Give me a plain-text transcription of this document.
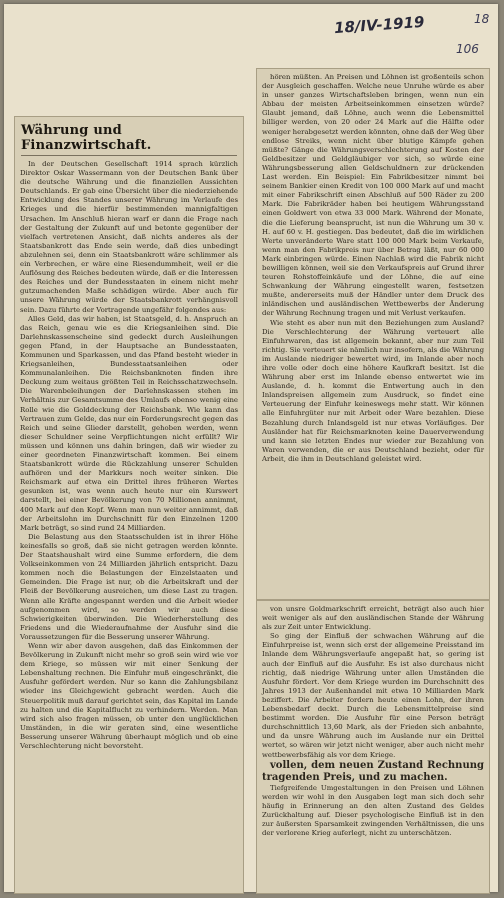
18/IV-1919	18
106
Währung und Finanzwirtschaft.

In der Deutschen Gesellschaft 1914 sprach kürzlich Direktor Oskar Wassermann von der Deutschen Bank über die deutsche Währung und die finanziellen Aussichten Deutschlands. Er gab eine Übersicht über die niederziehende Entwicklung des Standes unserer Währung im Verlaufe des Krieges und die hierfür bestimmenden mannigfaltigen Ursachen. Im Anschluß hieran warf er dann die Frage nach der Gestaltung der Zukunft auf und betonte gegenüber der vielfach vertretenen Ansicht, daß nichts anderes als der Staatsbankrott das Ende sein werde, daß dies unbedingt abzulehnen sei, denn ein Staatsbankrott wäre schlimmer als ein Verbrechen, er wäre eine Riesendummheit, weil er die Auflösung des Reiches bedeuten würde, daß er die Interessen des Reiches und der Bundesstaaten in einem nicht mehr gutzumachenden Maße schädigen würde. Aber auch für unsere Währung würde der Staatsbankrott verhängnisvoll sein. Dazu führte der Vortragende ungefähr folgendes aus:

Alles Geld, das wir haben, ist Staatsgeld, d. h. Anspruch an das Reich, genau wie es die Kriegsanleihen sind. Die Darlehnskassenscheine sind gedeckt durch Ausleihungen gegen Pfand, in der Hauptsache an Bundesstaaten, Kommunen und Sparkassen, und das Pfand besteht wieder in Kriegsanleihen, Bundesstaatsanleihen oder Kommunalanleihen. Die Reichsbanknoten finden ihre Deckung zum weitaus größten Teil in Reichsschatzwechseln. Die Warenbeleihungen der Darlehnskassen stehen im Verhältnis zur Gesamtsumme des Umlaufs ebenso wenig eine Rolle wie die Golddeckung der Reichsbank. Wie kann das Vertrauen zum Gelde, das nur ein Forderungsrecht gegen das Reich und seine Glieder darstellt, gehoben werden, wenn dieser Schuldner seine Verpflichtungen nicht erfüllt? Wir müssen und können uns dahin bringen, daß wir wieder zu einer geordneten Finanzwirtschaft kommen. Bei einem Staatsbankrott würde die Rückzahlung unserer Schulden aufhören und der Markkurs noch weiter sinken. Die Reichsmark auf etwa ein Drittel ihres früheren Wertes gesunken ist, was wenn auch heute nur ein Kurswert darstellt, bei einer Bevölkerung von 70 Millionen annimmt, 400 Mark auf den Kopf. Wenn man nun weiter annimmt, daß der Arbeitslohn im Durchschnitt für den Einzelnen 1200 Mark beträgt, so sind rund 24 Milliarden.

Die Belastung aus den Staatsschulden ist in ihrer Höhe keinesfalls so groß, daß sie nicht getragen werden könnte. Der Staatshaushalt wird eine Summe erfordern, die dem Volkseinkommen von 24 Milliarden jährlich entspricht. Dazu kommen noch die Belastungen der Einzelstaaten und Gemeinden. Die Frage ist nur, ob die Arbeitskraft und der Fleiß der Bevölkerung ausreichen, um diese Last zu tragen. Wenn alle Kräfte angespannt werden und die Arbeit wieder aufgenommen wird, so werden wir auch diese Schwierigkeiten überwinden. Die Wiederherstellung des Friedens und die Wiederaufnahme der Ausfuhr sind die Voraussetzungen für die Besserung unserer Währung.

Wenn wir aber davon ausgehen, daß das Einkommen der Bevölkerung in Zukunft nicht mehr so groß sein wird wie vor dem Kriege, so müssen wir mit einer Senkung der Lebenshaltung rechnen. Die Einfuhr muß eingeschränkt, die Ausfuhr gefördert werden. Nur so kann die Zahlungsbilanz wieder ins Gleichgewicht gebracht werden. Auch die Steuerpolitik muß darauf gerichtet sein, das Kapital im Lande zu halten und die Kapitalflucht zu verhindern. Werden. Man wird sich also fragen müssen, ob unter den unglücklichen Umständen, in die wir geraten sind, eine wesentliche Besserung unserer Währung überhaupt möglich und ob eine Verschlechterung nicht bevorsteht.

hören müßten. An Preisen und Löhnen ist großenteils schon der Ausgleich geschaffen. Welche neue Unruhe würde es aber in unser ganzes Wirtschaftsleben bringen, wenn nun ein Abbau der meisten Arbeitseinkommen einsetzen würde? Glaubt jemand, daß Löhne, auch wenn die Lebensmittel billiger werden, von 20 oder 24 Mark auf die Hälfte oder weniger herabgesetzt werden könnten, ohne daß der Weg über endlose Streiks, wenn nicht über blutige Kämpfe gehen müßte? Gänge die Währungsverschlechterung auf Kosten der Geldbesitzer und Geldgläubiger vor sich, so würde eine Währungsbesserung allen Geldschuldnern zur drückenden Last werden. Ein Beispiel: Ein Fabrikbesitzer nimmt bei seinem Bankier einen Kredit von 100 000 Mark auf und macht mit einer Fabrikschrift einen Abschluß auf 500 Räder zu 200 Mark. Die Fabrikräder haben bei heutigem Währungsstand einen Goldwert von etwa 33 000 Mark. Während der Monate, die die Lieferung beansprucht, ist nun die Währung um 30 v. H. auf 60 v. H. gestiegen. Das bedeutet, daß die im wirklichen Werte unveränderte Ware statt 100 000 Mark beim Verkaufe, wenn man den Fabrikpreis nur über Betrag läßt, nur 60 000 Mark einbringen würde. Einen Nachlaß wird die Fabrik nicht bewilligen können, weil sie den Verkaufspreis auf Grund ihrer teuren Rohstoffeinkäufe und der Löhne, die auf eine Schwankung der Währung eingestellt waren, festsetzen mußte, andererseits muß der Händler unter dem Druck des inländischen und ausländischen Wettbewerbs der Änderung der Währung Rechnung tragen und mit Verlust verkaufen.

Wie steht es aber nun mit den Beziehungen zum Ausland? Die Verschlechterung der Währung verteuert alle Einfuhrwaren, das ist allgemein bekannt, aber nur zum Teil richtig. Sie verteuert sie nämlich nur insofern, als die Währung im Auslande niedriger bewertet wird, im Inlande aber noch ihre volle oder doch eine höhere Kaufkraft besitzt. Ist die Währung aber erst im Inlande ebenso entwertet wie im Auslande, d. h. kommt die Entwertung auch in den Inlandspreisen allgemein zum Ausdruck, so findet eine Verteuerung der Einfuhr keineswegs mehr statt. Wir können alle Einfuhrgüter nur mit Arbeit oder Ware bezahlen. Diese Bezahlung durch Inlandsgeld ist nur etwas Vorläufiges. Der Ausländer hat für Reichsmarknoten keine Dauerverwendung und kann sie letzten Endes nur wieder zur Bezahlung von Waren verwenden, die er aus Deutschland bezieht, oder für Arbeit, die ihm in Deutschland geleistet wird.

von unsre Goldmarkschrift erreicht, beträgt also auch hier weit weniger als auf den ausländischen Stande der Währung als zur Zeit unter Entwicklung.

So ging der Einfluß der schwachen Währung auf die Einfuhrpreise ist, wenn sich erst der allgemeine Preisstand im Inlande dem Währungsverlaufe angepaßt hat, so gering ist auch der Einfluß auf die Ausfuhr. Es ist also durchaus nicht richtig, daß niedrige Währung unter allen Umständen die Ausfuhr fördert. Vor dem Kriege wurden im Durchschnitt des Jahres 1913 der Außenhandel mit etwa 10 Milliarden Mark beziffert. Die Arbeiter fordern heute einen Lohn, der ihren Lebensbedarf deckt. Durch die Lebensmittelpreise sind bestimmt worden. Die Ausfuhr für eine Person beträgt durchschnittlich 13,60 Mark, als der Frieden sich anbahnte, und da unsre Währung auch im Auslande nur ein Drittel wertet, so wären wir jetzt nicht weniger, aber auch nicht mehr wettbewerbsfähig als vor dem Kriege.

vollen, dem neuen Zustand Rechnung tragenden Preis, und zu machen.

Tiefgreifende Umgestaltungen in den Preisen und Löhnen werden wir wohl in den Ausgaben legt man sich doch sehr häufig in Erinnerung an den alten Zustand des Geldes Zurückhaltung auf. Dieser psychologische Einfluß ist in den zur äußersten Sparsamkeit zwingenden Verhältnissen, die uns der verlorene Krieg auferlegt, nicht zu unterschätzen.
